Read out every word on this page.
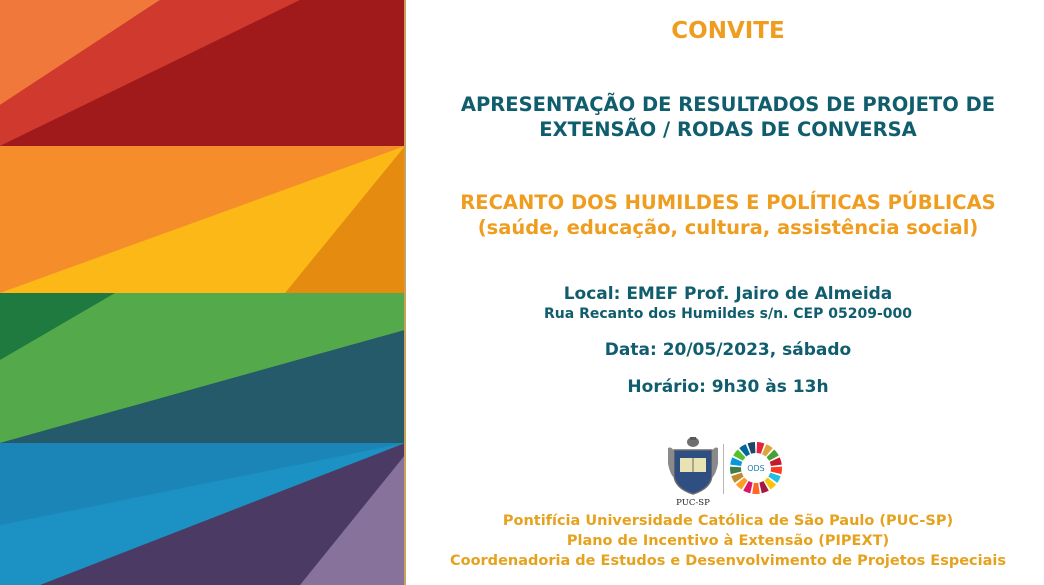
CONVITE

APRESENTAÇÃO DE RESULTADOS DE PROJETO DE
EXTENSÃO / RODAS DE CONVERSA
RECANTO DOS HUMILDES E POLÍTICAS PÚBLICAS
(saúde, educação, cultura, assistência social)

Local: EMEF Prof. Jairo de Almeida

Rua Recanto dos Humildes s/n. CEP 05209-000

Data: 20/05/2023, sábado

Horário: 9h30 às 13h

PUC-SP
ODS
Pontifícia Universidade Católica de São Paulo (PUC-SP)
Plano de Incentivo à Extensão (PIPEXT)
Coordenadoria de Estudos e Desenvolvimento de Projetos Especiais
